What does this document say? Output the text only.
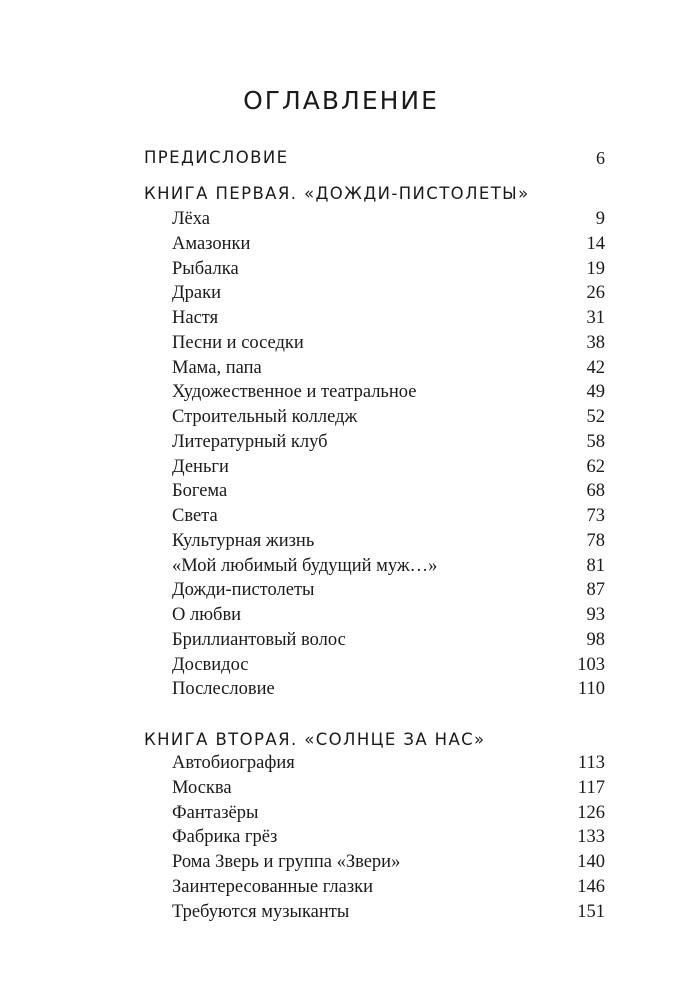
ОГЛАВЛЕНИЕ
ПРЕДИСЛОВИЕ	6
КНИГА ПЕРВАЯ. «ДОЖДИ-ПИСТОЛЕТЫ»
Лёха	9
Амазонки	14
Рыбалка	19
Драки	26
Настя	31
Песни и соседки	38
Мама, папа	42
Художественное и театральное	49
Строительный колледж	52
Литературный клуб	58
Деньги	62
Богема	68
Света	73
Культурная жизнь	78
«Мой любимый будущий муж…»	81
Дожди-пистолеты	87
О любви	93
Бриллиантовый волос	98
Досвидос	103
Послесловие	110
КНИГА ВТОРАЯ. «СОЛНЦЕ ЗА НАС»
Автобиография	113
Москва	117
Фантазёры	126
Фабрика грёз	133
Рома Зверь и группа «Звери»	140
Заинтересованные глазки	146
Требуются музыканты	151
